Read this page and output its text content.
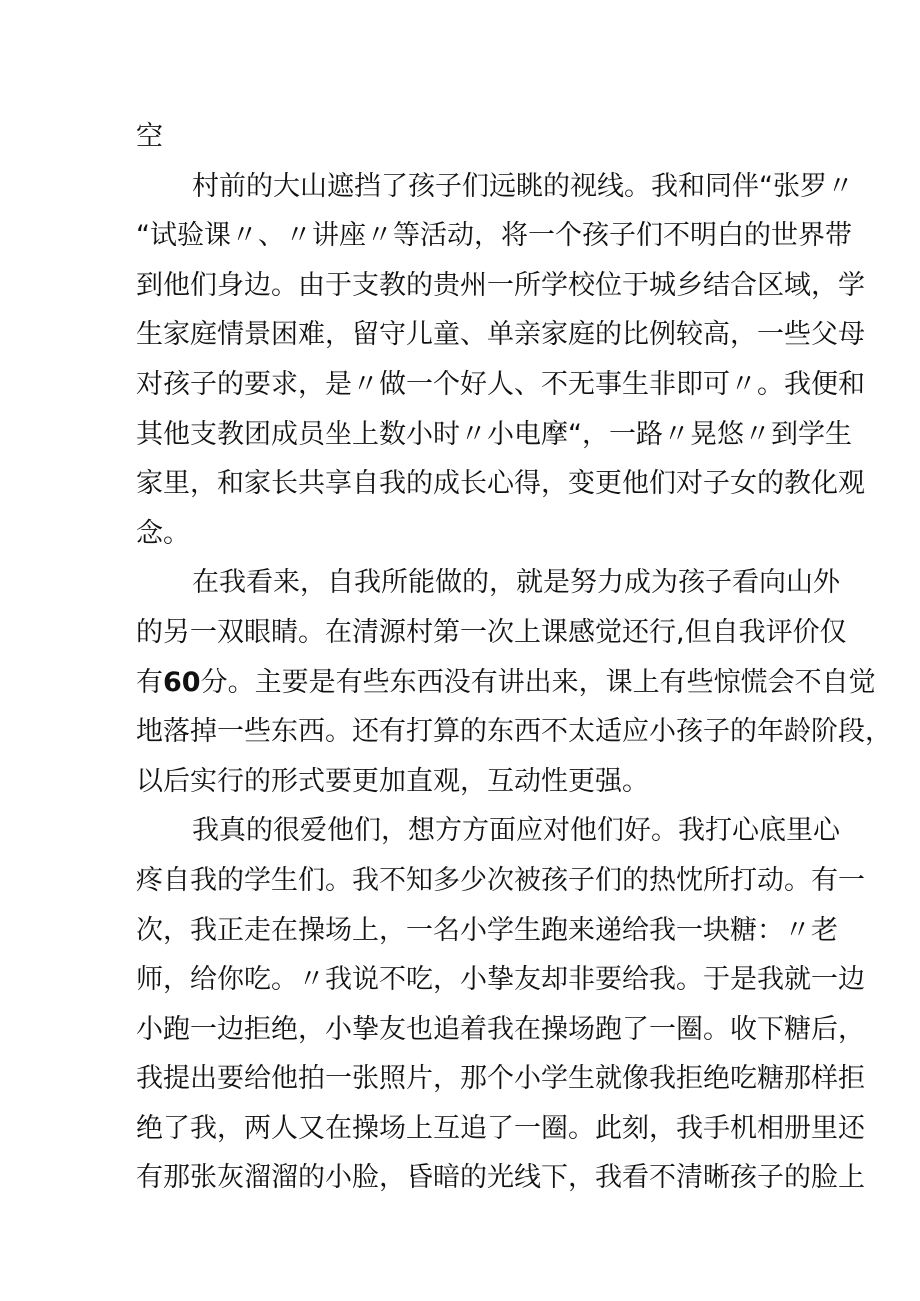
空
村前的大山遮挡了孩子们远眺的视线。我和同伴“张罗〃
“试验课〃、〃讲座〃等活动，将一个孩子们不明白的世界带
到他们身边。由于支教的贵州一所学校位于城乡结合区域，学
生家庭情景困难，留守儿童、单亲家庭的比例较高，一些父母
对孩子的要求，是〃做一个好人、不无事生非即可〃。我便和
其他支教团成员坐上数小时〃小电摩“，一路〃晃悠〃到学生
家里，和家长共享自我的成长心得，变更他们对子女的教化观
念。
在我看来，自我所能做的，就是努力成为孩子看向山外
的另一双眼睛。在清源村第一次上课感觉还行,但自我评价仅
有60分。主要是有些东西没有讲出来，课上有些惊慌会不自觉
地落掉一些东西。还有打算的东西不太适应小孩子的年龄阶段，
以后实行的形式要更加直观，互动性更强。
我真的很爱他们，想方方面应对他们好。我打心底里心
疼自我的学生们。我不知多少次被孩子们的热忱所打动。有一
次，我正走在操场上，一名小学生跑来递给我一块糖：〃老
师，给你吃。〃我说不吃，小挚友却非要给我。于是我就一边
小跑一边拒绝，小挚友也追着我在操场跑了一圈。收下糖后，
我提出要给他拍一张照片，那个小学生就像我拒绝吃糖那样拒
绝了我，两人又在操场上互追了一圈。此刻，我手机相册里还
有那张灰溜溜的小脸，昏暗的光线下，我看不清晰孩子的脸上
